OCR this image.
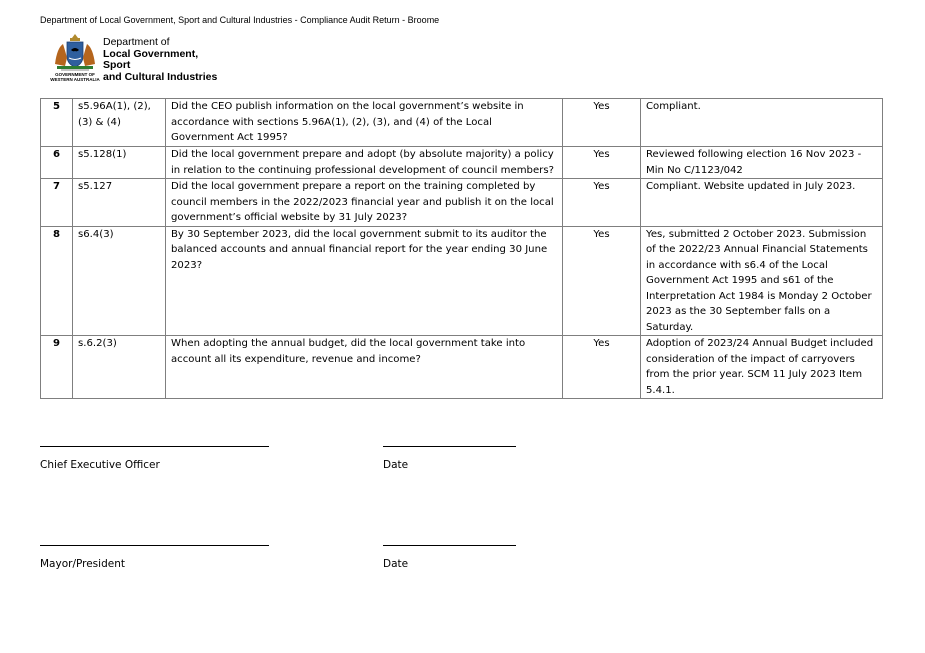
Department of Local Government, Sport and Cultural Industries - Compliance Audit Return - Broome
GOVERNMENT OF
WESTERN AUSTRALIA
Department of
Local Government, Sport
and Cultural Industries
5	s5.96A(1), (2), (3) & (4)	Did the CEO publish information on the local government’s website in accordance with sections 5.96A(1), (2), (3), and (4) of the Local Government Act 1995?	Yes	Compliant.
6	s5.128(1)	Did the local government prepare and adopt (by absolute majority) a policy in relation to the continuing professional development of council members?	Yes	Reviewed following election 16 Nov 2023 - Min No C/1123/042
7	s5.127	Did the local government prepare a report on the training completed by council members in the 2022/2023 financial year and publish it on the local government’s official website by 31 July 2023?	Yes	Compliant. Website updated in July 2023.
8	s6.4(3)	By 30 September 2023, did the local government submit to its auditor the balanced accounts and annual financial report for the year ending 30 June 2023?	Yes	Yes, submitted 2 October 2023. Submission of the 2022/23 Annual Financial Statements in accordance with s6.4 of the Local Government Act 1995 and s61 of the Interpretation Act 1984 is Monday 2 October 2023 as the 30 September falls on a Saturday.
9	s.6.2(3)	When adopting the annual budget, did the local government take into account all its expenditure, revenue and income?	Yes	Adoption of 2023/24 Annual Budget included consideration of the impact of carryovers from the prior year. SCM 11 July 2023 Item 5.4.1.
Chief Executive Officer	Date
Mayor/President	Date
